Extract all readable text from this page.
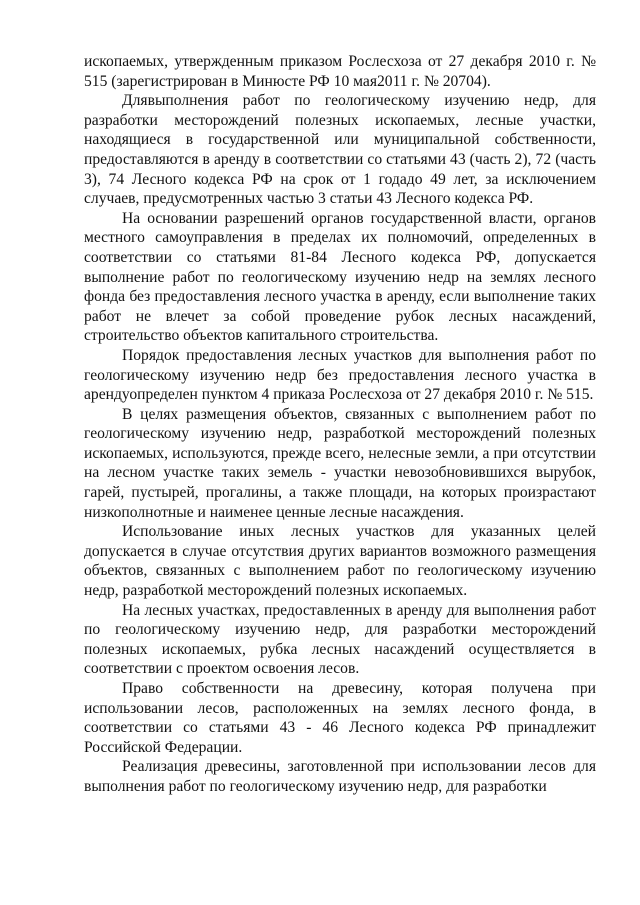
ископаемых, утвержденным приказом Рослесхоза от 27 декабря 2010 г. № 515 (зарегистрирован в Минюсте РФ 10 мая2011 г. № 20704).

Длявыполнения работ по геологическому изучению недр, для разработки месторождений полезных ископаемых, лесные участки, находящиеся в государственной или муниципальной собственности, предоставляются в аренду в соответствии со статьями 43 (часть 2), 72 (часть 3), 74 Лесного кодекса РФ на срок от 1 годадо 49 лет, за исключением случаев, предусмотренных частью 3 статьи 43 Лесного кодекса РФ.

На основании разрешений органов государственной власти, органов местного самоуправления в пределах их полномочий, определенных в соответствии со статьями 81-84 Лесного кодекса РФ, допускается выполнение работ по геологическому изучению недр на землях лесного фонда без предоставления лесного участка в аренду, если выполнение таких работ не влечет за собой проведение рубок лесных насаждений, строительство объектов капитального строительства.

Порядок предоставления лесных участков для выполнения работ по геологическому изучению недр без предоставления лесного участка в арендуопределен пунктом 4 приказа Рослесхоза от 27 декабря 2010 г. № 515.

В целях размещения объектов, связанных с выполнением работ по геологическому изучению недр, разработкой месторождений полезных ископаемых, используются, прежде всего, нелесные земли, а при отсутствии на лесном участке таких земель - участки невозобновившихся вырубок, гарей, пустырей, прогалины, а также площади, на которых произрастают низкополнотные и наименее ценные лесные насаждения.

Использование иных лесных участков для указанных целей допускается в случае отсутствия других вариантов возможного размещения объектов, связанных с выполнением работ по геологическому изучению недр, разработкой месторождений полезных ископаемых.

На лесных участках, предоставленных в аренду для выполнения работ по геологическому изучению недр, для разработки месторождений полезных ископаемых, рубка лесных насаждений осуществляется в соответствии с проектом освоения лесов.

Право собственности на древесину, которая получена при использовании лесов, расположенных на землях лесного фонда, в соответствии со статьями 43 - 46 Лесного кодекса РФ принадлежит Российской Федерации.

Реализация древесины, заготовленной при использовании лесов для выполнения работ по геологическому изучению недр, для разработки
